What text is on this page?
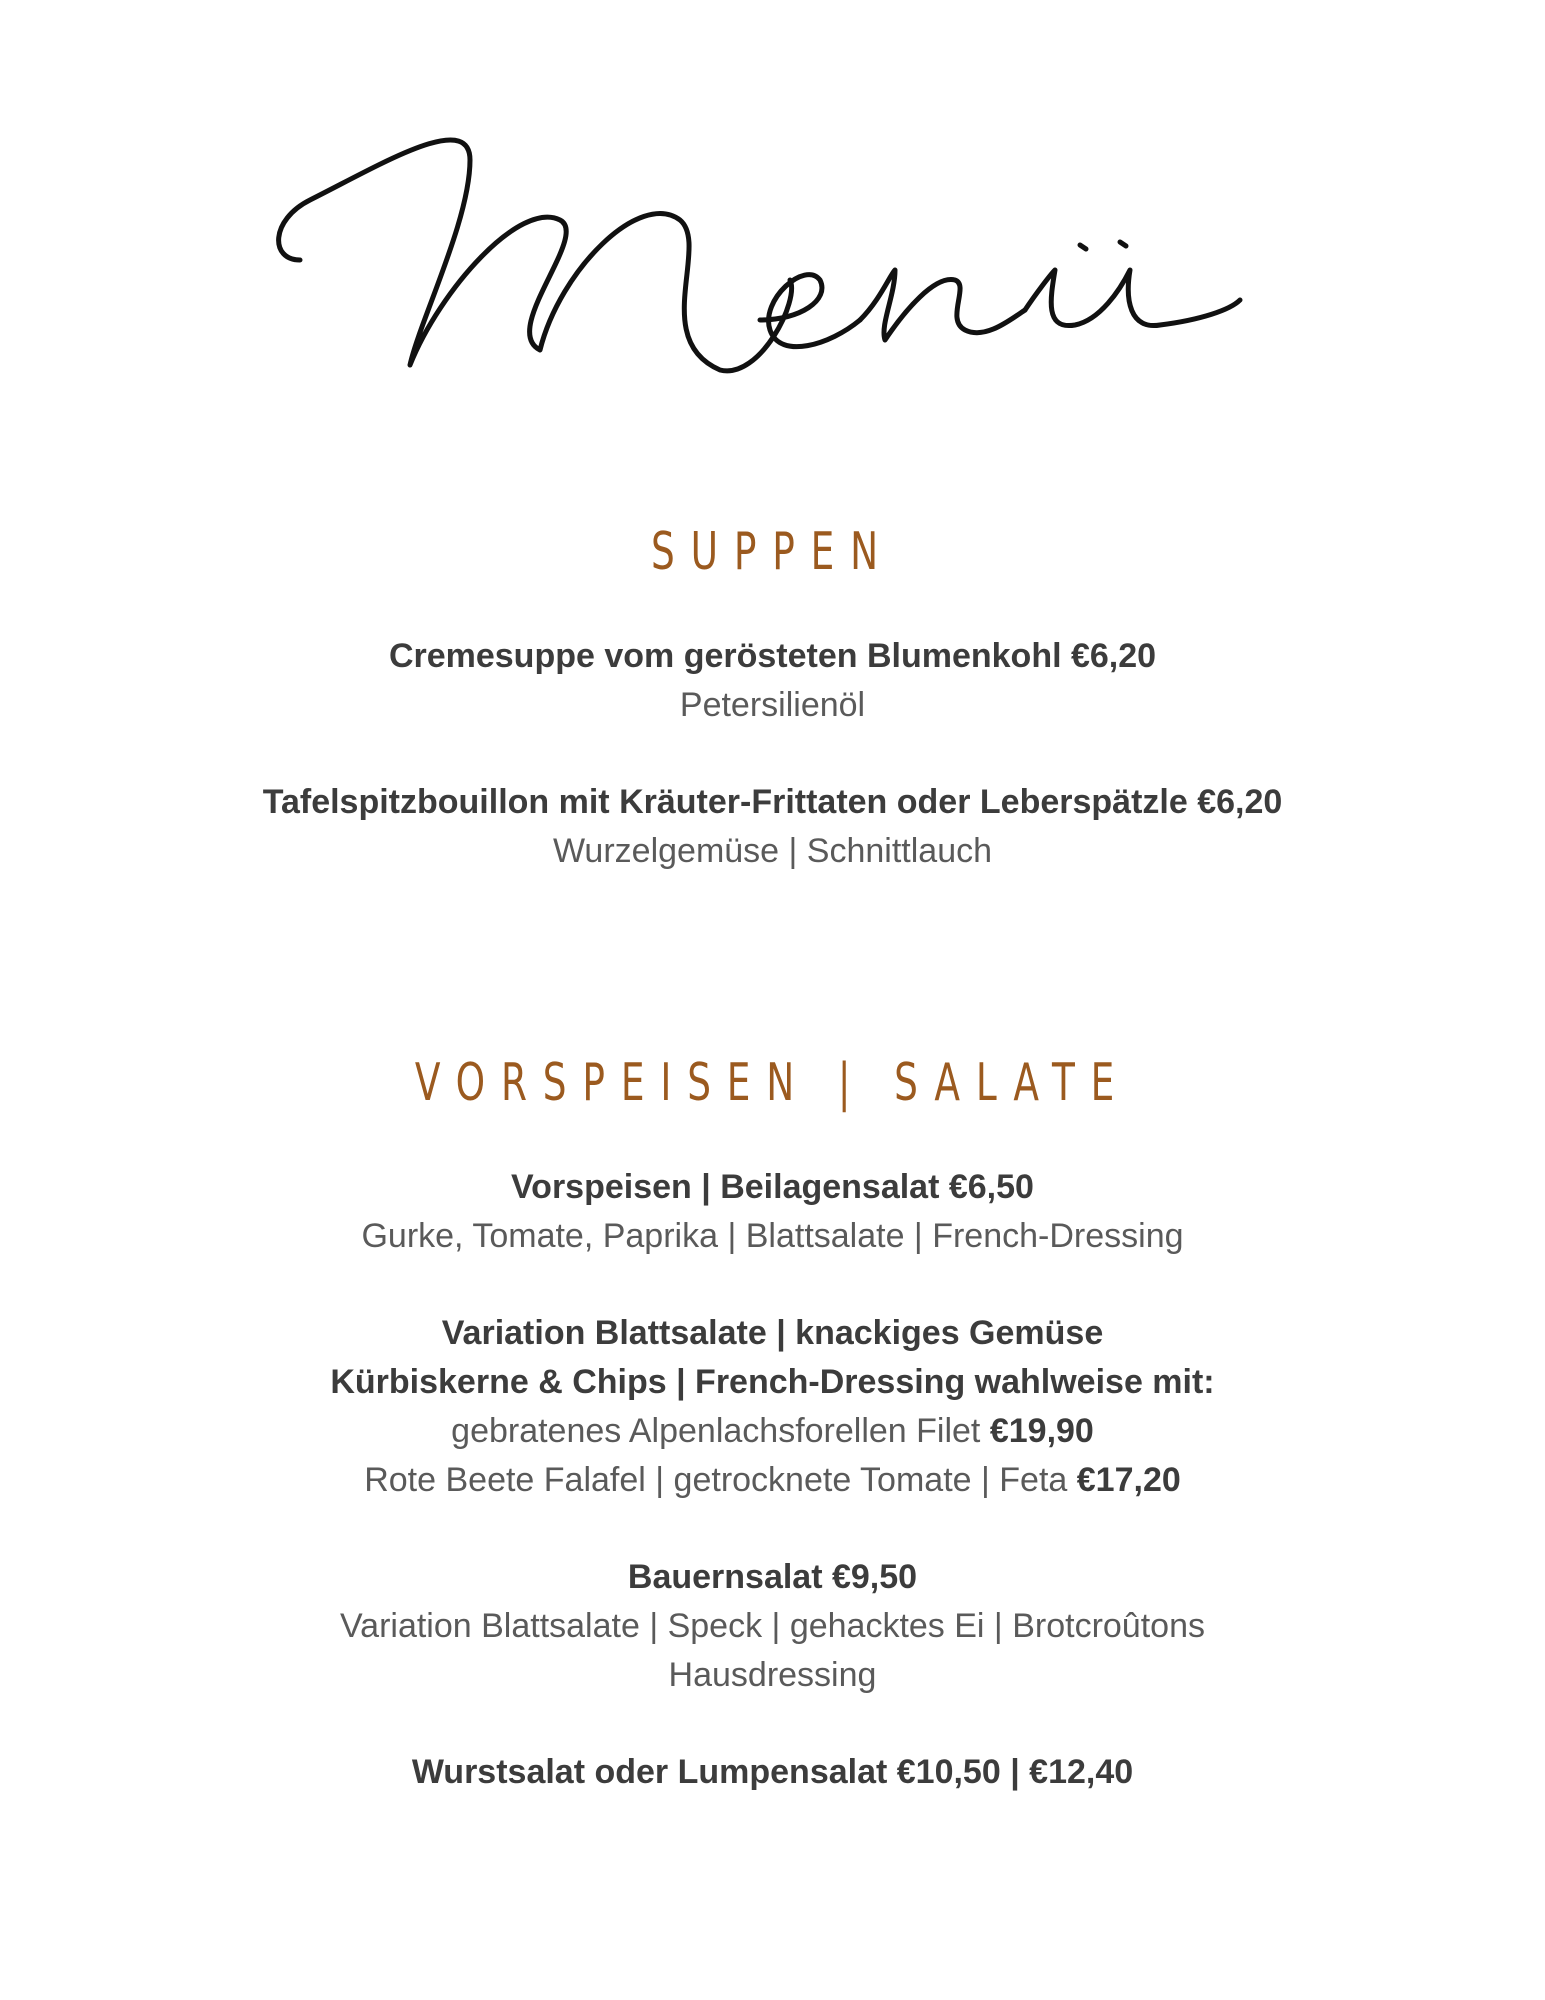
SUPPEN

Cremesuppe vom gerösteten Blumenkohl €6,20

Petersilienöl

Tafelspitzbouillon mit Kräuter-Frittaten oder Leberspätzle €6,20

Wurzelgemüse | Schnittlauch

VORSPEISEN | SALATE

Vorspeisen | Beilagensalat €6,50

Gurke, Tomate, Paprika | Blattsalate | French-Dressing

Variation Blattsalate | knackiges Gemüse

Kürbiskerne & Chips | French-Dressing wahlweise mit:

gebratenes Alpenlachsforellen Filet €19,90

Rote Beete Falafel | getrocknete Tomate | Feta €17,20

Bauernsalat €9,50

Variation Blattsalate | Speck | gehacktes Ei | Brotcroûtons

Hausdressing

Wurstsalat oder Lumpensalat €10,50 | €12,40
